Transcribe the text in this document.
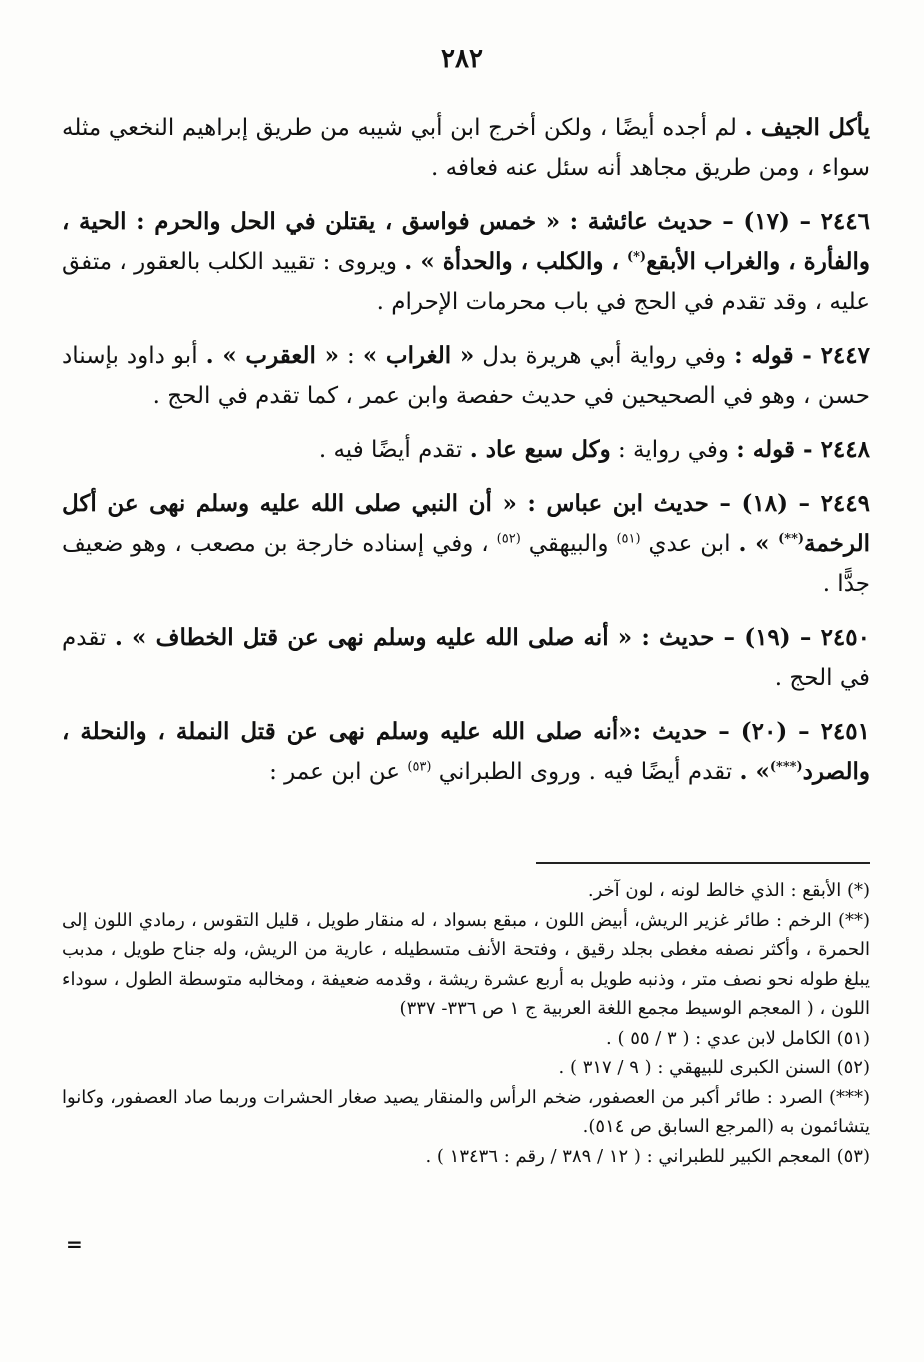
٢٨٢

يأكل الجيف . لم أجده أيضًا ، ولكن أخرج ابن أبي شيبه من طريق إبراهيم النخعي مثله سواء ، ومن طريق مجاهد أنه سئل عنه فعافه .

٢٤٤٦ – (١٧) – حديث عائشة : « خمس فواسق ، يقتلن في الحل والحرم : الحية ، والفأرة ، والغراب الأبقع(*) ، والكلب ، والحدأة » . ويروى : تقييد الكلب بالعقور ، متفق عليه ، وقد تقدم في الحج في باب محرمات الإحرام .

٢٤٤٧ - قوله : وفي رواية أبي هريرة بدل « الغراب » : « العقرب » . أبو داود بإسناد حسن ، وهو في الصحيحين في حديث حفصة وابن عمر ، كما تقدم في الحج .

٢٤٤٨ - قوله : وفي رواية : وكل سبع عاد . تقدم أيضًا فيه .

٢٤٤٩ – (١٨) – حديث ابن عباس : « أن النبي صلى الله عليه وسلم نهى عن أكل الرخمة(**) » . ابن عدي $^{(٥١)}$ والبيهقي $^{(٥٢)}$ ، وفي إسناده خارجة بن مصعب ، وهو ضعيف جدًّا .

٢٤٥٠ – (١٩) – حديث : « أنه صلى الله عليه وسلم نهى عن قتل الخطاف » . تقدم في الحج .

٢٤٥١ – (٢٠) – حديث :«أنه صلى الله عليه وسلم نهى عن قتل النملة ، والنحلة ، والصرد(***)» . تقدم أيضًا فيه . وروى الطبراني $^{(٥٣)}$ عن ابن عمر :

(*) الأبقع : الذي خالط لونه ، لون آخر.

(**) الرخم : طائر غزير الريش، أبيض اللون ، مبقع بسواد ، له منقار طويل ، قليل التقوس ، رمادي اللون إلى الحمرة ، وأكثر نصفه مغطى بجلد رقيق ، وفتحة الأنف متسطيله ، عارية من الريش، وله جناح طويل ، مدبب يبلغ طوله نحو نصف متر ، وذنبه طويل به أربع عشرة ريشة ، وقدمه ضعيفة ، ومخالبه متوسطة الطول ، سوداء اللون ، ( المعجم الوسيط مجمع اللغة العربية ج ١ ص ٣٣٦- ٣٣٧)

(٥١) الكامل لابن عدي : ( ٣ / ٥٥ ) .

(٥٢) السنن الكبرى للبيهقي : ( ٩ / ٣١٧ ) .

(***) الصرد : طائر أكبر من العصفور، ضخم الرأس والمنقار يصيد صغار الحشرات وربما صاد العصفور، وكانوا يتشائمون به (المرجع السابق ص ٥١٤).

(٥٣) المعجم الكبير للطبراني : ( ١٢ / ٣٨٩ / رقم : ١٣٤٣٦ ) .

=
